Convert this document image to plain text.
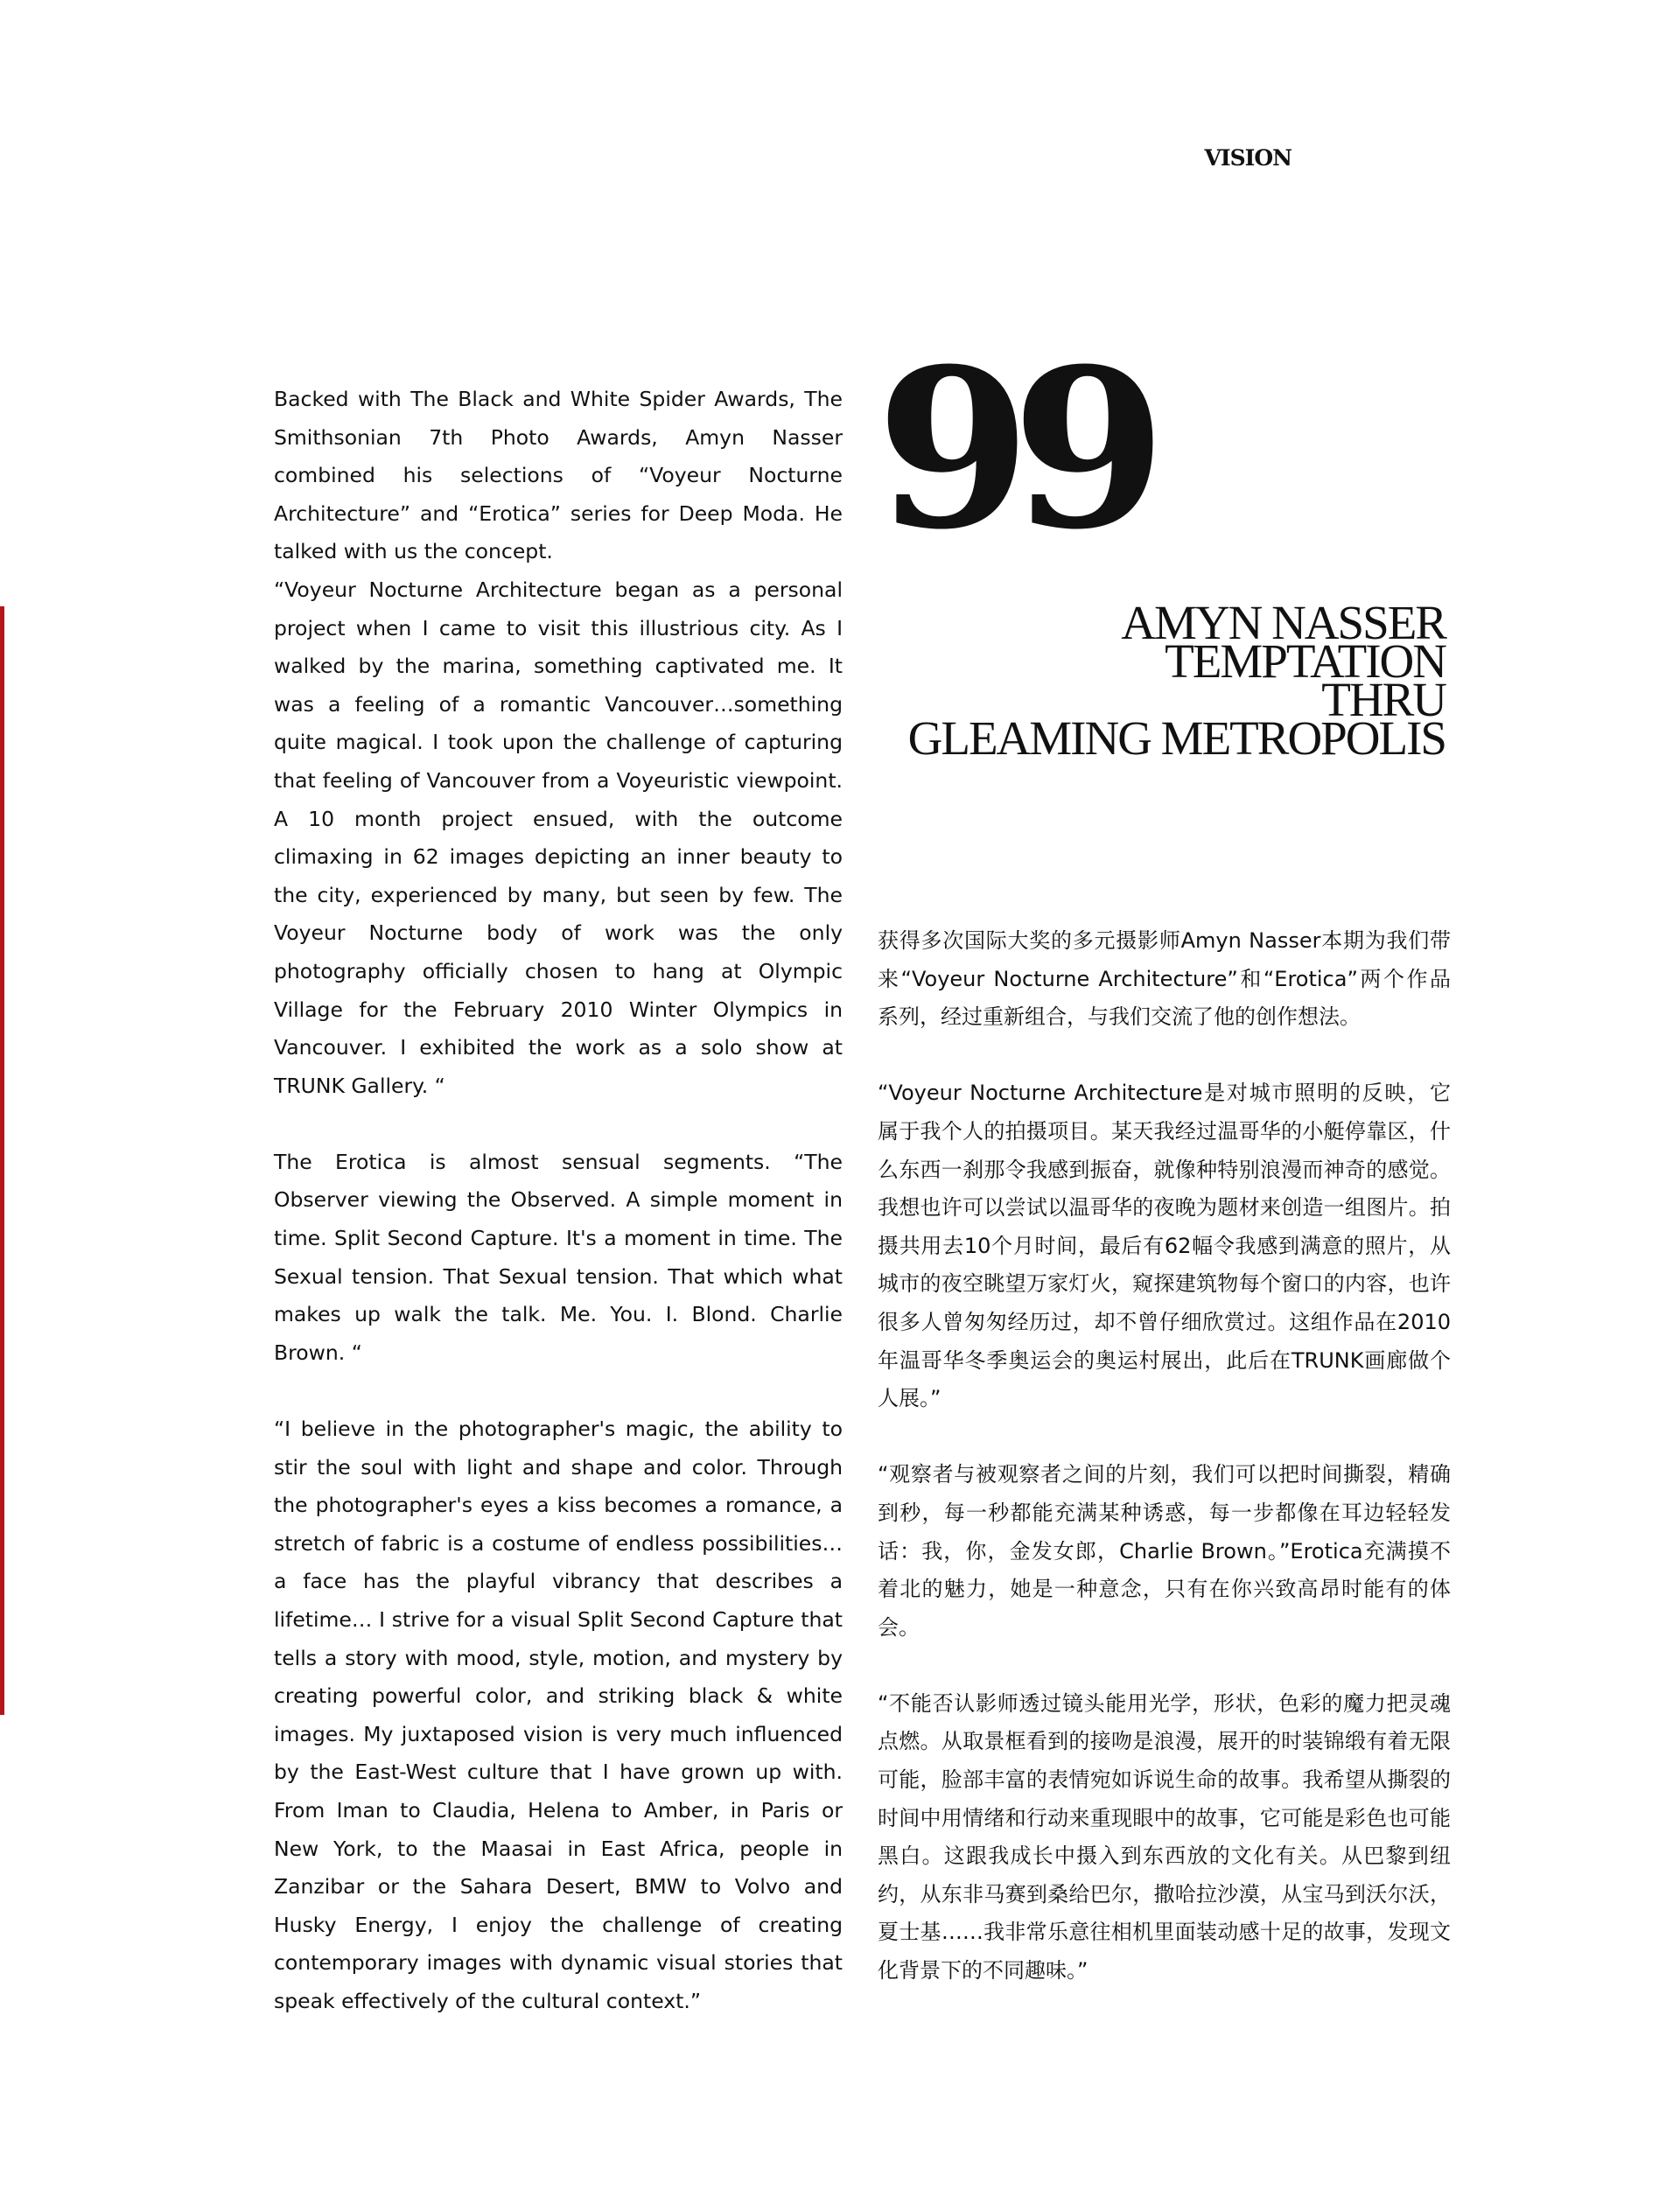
VISION
99
AMYN NASSER
TEMPTATION
THRU
GLEAMING METROPOLIS

Backed with The Black and White Spider Awards, The Smithsonian 7th Photo Awards, Amyn Nasser combined his selections of “Voyeur Nocturne Architecture” and “Erotica” series for Deep Moda. He talked with us the concept.

“Voyeur Nocturne Architecture began as a personal project when I came to visit this illustrious city. As I walked by the marina, something captivated me. It was a feeling of a romantic Vancouver…something quite magical. I took upon the challenge of capturing that feeling of Vancouver from a Voyeuristic viewpoint. A 10 month project ensued, with the outcome climaxing in 62 images depicting an inner beauty to the city, experienced by many, but seen by few. The Voyeur Nocturne body of work was the only photography officially chosen to hang at Olympic Village for the February 2010 Winter Olympics in Vancouver. I exhibited the work as a solo show at TRUNK Gallery. “

The Erotica is almost sensual segments. “The Observer viewing the Observed. A simple moment in time. Split Second Capture. It's a moment in time. The Sexual tension. That Sexual tension. That which what makes up walk the talk. Me. You. I. Blond. Charlie Brown. “

“I believe in the photographer's magic, the ability to stir the soul with light and shape and color. Through the photographer's eyes a kiss becomes a romance, a stretch of fabric is a costume of endless possibilities…a face has the playful vibrancy that describes a lifetime… I strive for a visual Split Second Capture that tells a story with mood, style, motion, and mystery by creating powerful color, and striking black & white images. My juxtaposed vision is very much influenced by the East-West culture that I have grown up with. From Iman to Claudia, Helena to Amber, in Paris or New York, to the Maasai in East Africa, people in Zanzibar or the Sahara Desert, BMW to Volvo and Husky Energy, I enjoy the challenge of creating contemporary images with dynamic visual stories that speak effectively of the cultural context.”

获得多次国际大奖的多元摄影师Amyn Nasser本期为我们带来“Voyeur Nocturne Architecture”和“Erotica”两个作品系列，经过重新组合，与我们交流了他的创作想法。

“Voyeur Nocturne Architecture是对城市照明的反映，它属于我个人的拍摄项目。某天我经过温哥华的小艇停靠区，什么东西一刹那令我感到振奋，就像种特别浪漫而神奇的感觉。我想也许可以尝试以温哥华的夜晚为题材来创造一组图片。拍摄共用去10个月时间，最后有62幅令我感到满意的照片，从城市的夜空眺望万家灯火，窥探建筑物每个窗口的内容，也许很多人曾匆匆经历过，却不曾仔细欣赏过。这组作品在2010 年温哥华冬季奥运会的奥运村展出，此后在TRUNK画廊做个人展。”

“观察者与被观察者之间的片刻，我们可以把时间撕裂，精确到秒，每一秒都能充满某种诱惑，每一步都像在耳边轻轻发话：我，你，金发女郎，Charlie Brown。”Erotica充满摸不着北的魅力，她是一种意念，只有在你兴致高昂时能有的体会。

“不能否认影师透过镜头能用光学，形状，色彩的魔力把灵魂点燃。从取景框看到的接吻是浪漫，展开的时装锦缎有着无限可能，脸部丰富的表情宛如诉说生命的故事。我希望从撕裂的时间中用情绪和行动来重现眼中的故事，它可能是彩色也可能黑白。这跟我成长中摄入到东西放的文化有关。从巴黎到纽约，从东非马赛到桑给巴尔，撒哈拉沙漠，从宝马到沃尔沃，夏士基……我非常乐意往相机里面装动感十足的故事，发现文化背景下的不同趣味。”
